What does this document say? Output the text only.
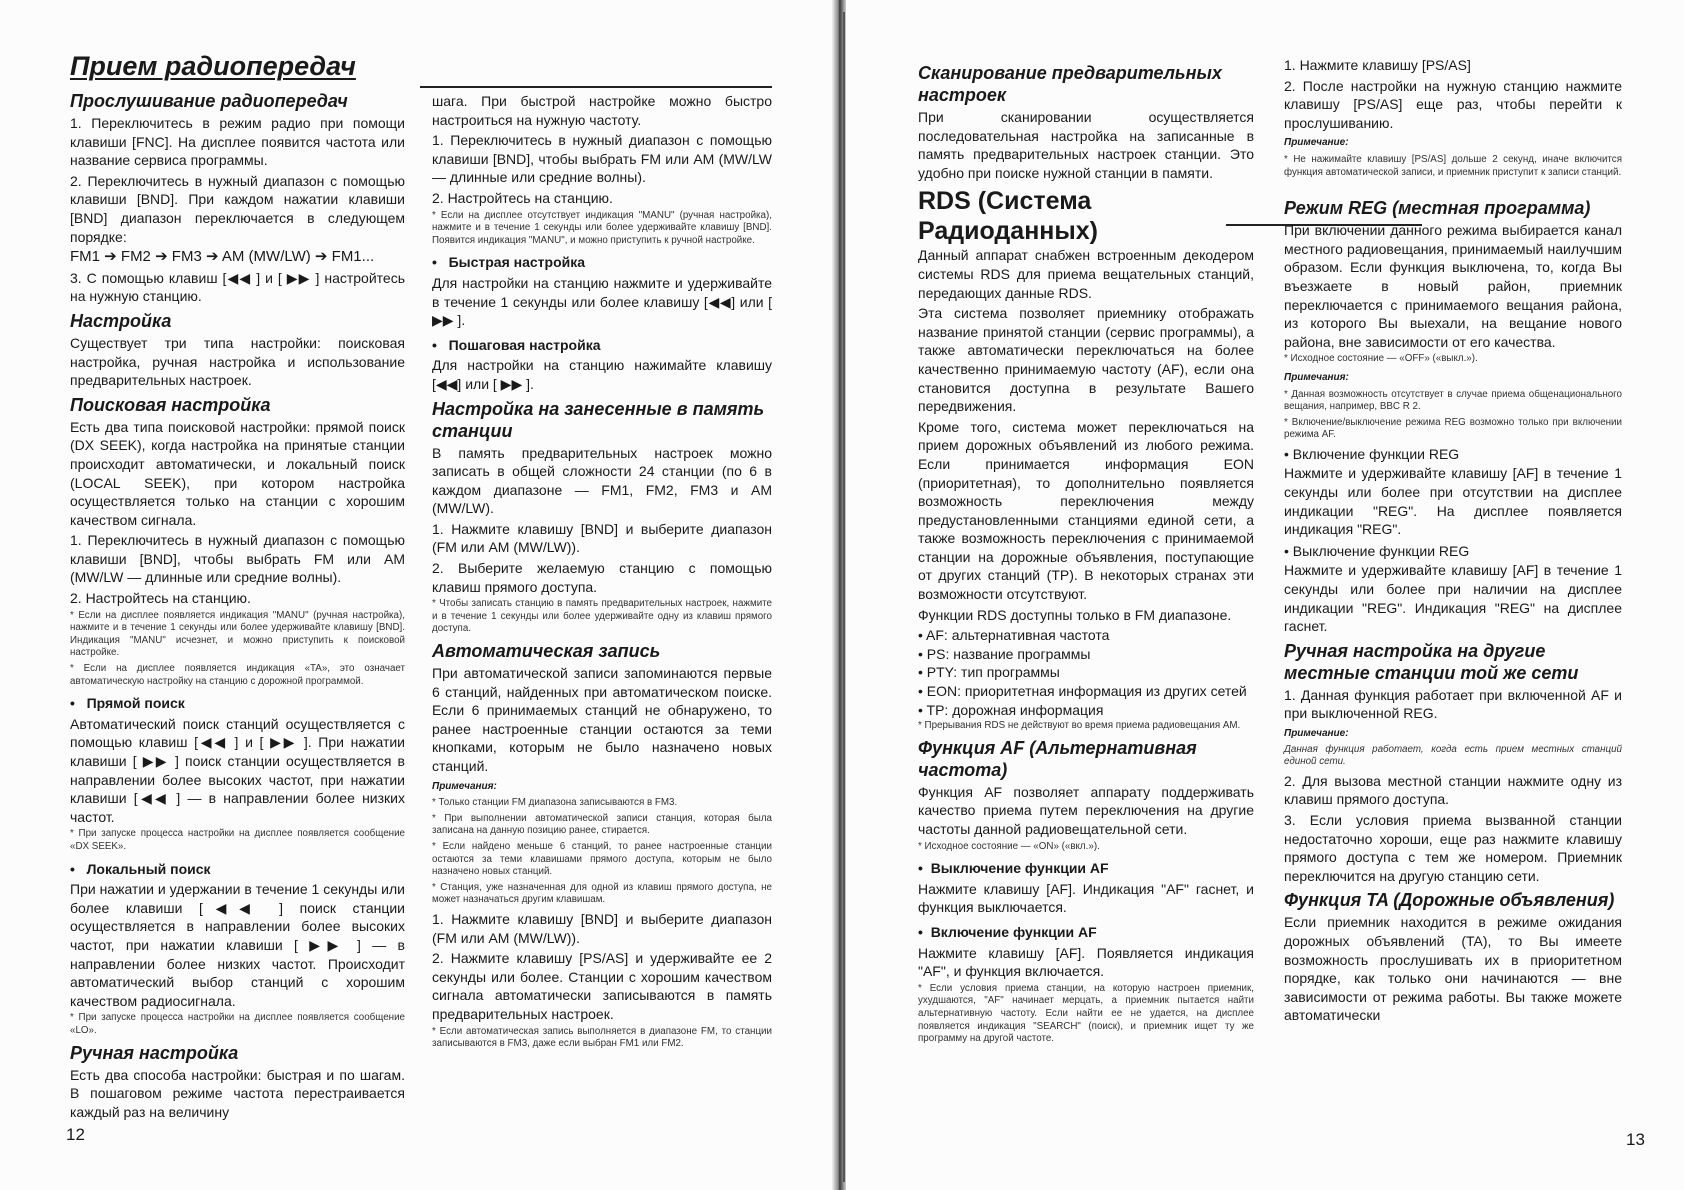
Прием радиопередач
Прослушивание радиопередач

1. Переключитесь в режим радио при помощи клавиши [FNC]. На дисплее появится частота или название сервиса программы.

2. Переключитесь в нужный диапазон с помощью клавиши [BND]. При каждом нажатии клавиши [BND] диапазон переключается в следующем порядке:

FM1 ➔ FM2 ➔ FM3 ➔ AM (MW/LW) ➔ FM1...

3. С помощью клавиш [◀◀ ] и [ ▶▶ ] настройтесь на нужную станцию.

Настройка

Существует три типа настройки: поисковая настройка, ручная настройка и использование предварительных настроек.

Поисковая настройка

Есть два типа поисковой настройки: прямой поиск (DX SEEK), когда настройка на принятые станции происходит автоматически, и локальный поиск (LOCAL SEEK), при котором настройка осуществляется только на станции с хорошим качеством сигнала.

1. Переключитесь в нужный диапазон с помощью клавиши [BND], чтобы выбрать FM или AM (MW/LW — длинные или средние волны).

2. Настройтесь на станцию.

* Если на дисплее появляется индикация "MANU" (ручная настройка), нажмите и в течение 1 секунды или более удерживайте клавишу [BND]. Индикация "MANU" исчезнет, и можно приступить к поисковой настройке.

* Если на дисплее появляется индикация «TA», это означает автоматическую настройку на станцию с дорожной программой.

•   Прямой поиск

Автоматический поиск станций осуществляется с помощью клавиш [◀◀ ] и [ ▶▶ ]. При нажатии клавиши [ ▶▶ ] поиск станции осуществляется в направлении более высоких частот, при нажатии клавиши [◀◀ ] — в направлении более низких частот.

* При запуске процесса настройки на дисплее появляется сообщение «DX SEEK».

•   Локальный поиск

При нажатии и удержании в течение 1 секунды или более клавиши [◀◀ ] поиск станции осуществляется в направлении более высоких частот, при нажатии клавиши [ ▶▶ ] — в направлении более низких частот. Происходит автоматический выбор станций с хорошим качеством радиосигнала.

* При запуске процесса настройки на дисплее появляется сообщение «LO».

Ручная настройка

Есть два способа настройки: быстрая и по шагам. В пошаговом режиме частота перестраивается каждый раз на величину

шага. При быстрой настройке можно быстро настроиться на нужную частоту.

1. Переключитесь в нужный диапазон с помощью клавиши [BND], чтобы выбрать FM или AM (MW/LW — длинные или средние волны).

2. Настройтесь на станцию.

* Если на дисплее отсутствует индикация "MANU" (ручная настройка), нажмите и в течение 1 секунды или более удерживайте клавишу [BND]. Появится индикация "MANU", и можно приступить к ручной настройке.

•   Быстрая настройка

Для настройки на станцию нажмите и удерживайте в течение 1 секунды или более клавишу [◀◀] или [ ▶▶ ].

•   Пошаговая настройка

Для настройки на станцию нажимайте клавишу [◀◀] или [ ▶▶ ].

Настройка на занесенные в память станции

В память предварительных настроек можно записать в общей сложности 24 станции (по 6 в каждом диапазоне — FM1, FM2, FM3 и AM (MW/LW).

1. Нажмите клавишу [BND] и выберите диапазон (FM или AM (MW/LW)).

2. Выберите желаемую станцию с помощью клавиш прямого доступа.

* Чтобы записать станцию в память предварительных настроек, нажмите и в течение 1 секунды или более удерживайте одну из клавиш прямого доступа.

Автоматическая запись

При автоматической записи запоминаются первые 6 станций, найденных при автоматическом поиске. Если 6 принимаемых станций не обнаружено, то ранее настроенные станции остаются за теми кнопками, которым не было назначено новых станций.

Примечания:

* Только станции FM диапазона записываются в FM3.

* При выполнении автоматической записи станция, которая была записана на данную позицию ранее, стирается.

* Если найдено меньше 6 станций, то ранее настроенные станции остаются за теми клавишами прямого доступа, которым не было назначено новых станций.

* Станция, уже назначенная для одной из клавиш прямого доступа, не может назначаться другим клавишам.

1. Нажмите клавишу [BND] и выберите диапазон (FM или AM (MW/LW)).

2. Нажмите клавишу [PS/AS] и удерживайте ее 2 секунды или более. Станции с хорошим качеством сигнала автоматически записываются в память предварительных настроек.

* Если автоматическая запись выполняется в диапазоне FM, то станции записываются в FM3, даже если выбран FM1 или FM2.

12
Сканирование предварительных настроек

При сканировании осуществляется последовательная настройка на записанные в память предварительных настроек станции. Это удобно при поиске нужной станции в памяти.

RDS (Система Радиоданных)

Данный аппарат снабжен встроенным декодером системы RDS для приема вещательных станций, передающих данные RDS.

Эта система позволяет приемнику отображать название принятой станции (сервис программы), а также автоматически переключаться на более качественно принимаемую частоту (AF), если она становится доступна в результате Вашего передвижения.

Кроме того, система может переключаться на прием дорожных объявлений из любого режима. Если принимается информация EON (приоритетная), то дополнительно появляется возможность переключения между предустановленными станциями единой сети, а также возможность переключения с принимаемой станции на дорожные объявления, поступающие от других станций (TP). В некоторых странах эти возможности отсутствуют.

Функции RDS доступны только в FM диапазоне.

• AF: альтернативная частота

• PS: название программы

• PTY: тип программы

• EON: приоритетная информация из других сетей

• TP: дорожная информация

* Прерывания RDS не действуют во время приема радиовещания AM.

Функция AF (Альтернативная частота)

Функция AF позволяет аппарату поддерживать качество приема путем переключения на другие частоты данной радиовещательной сети.

* Исходное состояние — «ON» («вкл.»).

•  Выключение функции AF

Нажмите клавишу [AF]. Индикация "AF" гаснет, и функция выключается.

•  Включение функции AF

Нажмите клавишу [AF]. Появляется индикация "AF", и функция включается.

* Если условия приема станции, на которую настроен приемник, ухудшаются, "AF" начинает мерцать, а приемник пытается найти альтернативную частоту. Если найти ее не удается, на дисплее появляется индикация "SEARCH" (поиск), и приемник ищет ту же программу на другой частоте.

1. Нажмите клавишу [PS/AS]

2. После настройки на нужную станцию нажмите клавишу [PS/AS] еще раз, чтобы перейти к прослушиванию.

Примечание:

* Не нажимайте клавишу [PS/AS] дольше 2 секунд, иначе включится функция автоматической записи, и приемник приступит к записи станций.

Режим REG (местная программа)

При включении данного режима выбирается канал местного радиовещания, принимаемый наилучшим образом. Если функция выключена, то, когда Вы въезжаете в новый район, приемник переключается с принимаемого вещания района, из которого Вы выехали, на вещание нового района, вне зависимости от его качества.

* Исходное состояние — «OFF» («выкл.»).

Примечания:

* Данная возможность отсутствует в случае приема общенационального вещания, например, BBC R 2.

* Включение/выключение режима REG возможно только при включении режима AF.

• Включение функции REG

Нажмите и удерживайте клавишу [AF] в течение 1 секунды или более при отсутствии на дисплее индикации "REG". На дисплее появляется индикация "REG".

• Выключение функции REG

Нажмите и удерживайте клавишу [AF] в течение 1 секунды или более при наличии на дисплее индикации "REG". Индикация "REG" на дисплее гаснет.

Ручная настройка на другие местные станции той же сети

1. Данная функция работает при включенной AF и при выключенной REG.

Примечание:

Данная функция работает, когда есть прием местных станций единой сети.

2. Для вызова местной станции нажмите одну из клавиш прямого доступа.

3. Если условия приема вызванной станции недостаточно хороши, еще раз нажмите клавишу прямого доступа с тем же номером. Приемник переключится на другую станцию сети.

Функция TA (Дорожные объявления)

Если приемник находится в режиме ожидания дорожных объявлений (TA), то Вы имеете возможность прослушивать их в приоритетном порядке, как только они начинаются — вне зависимости от режима работы. Вы также можете автоматически

13
